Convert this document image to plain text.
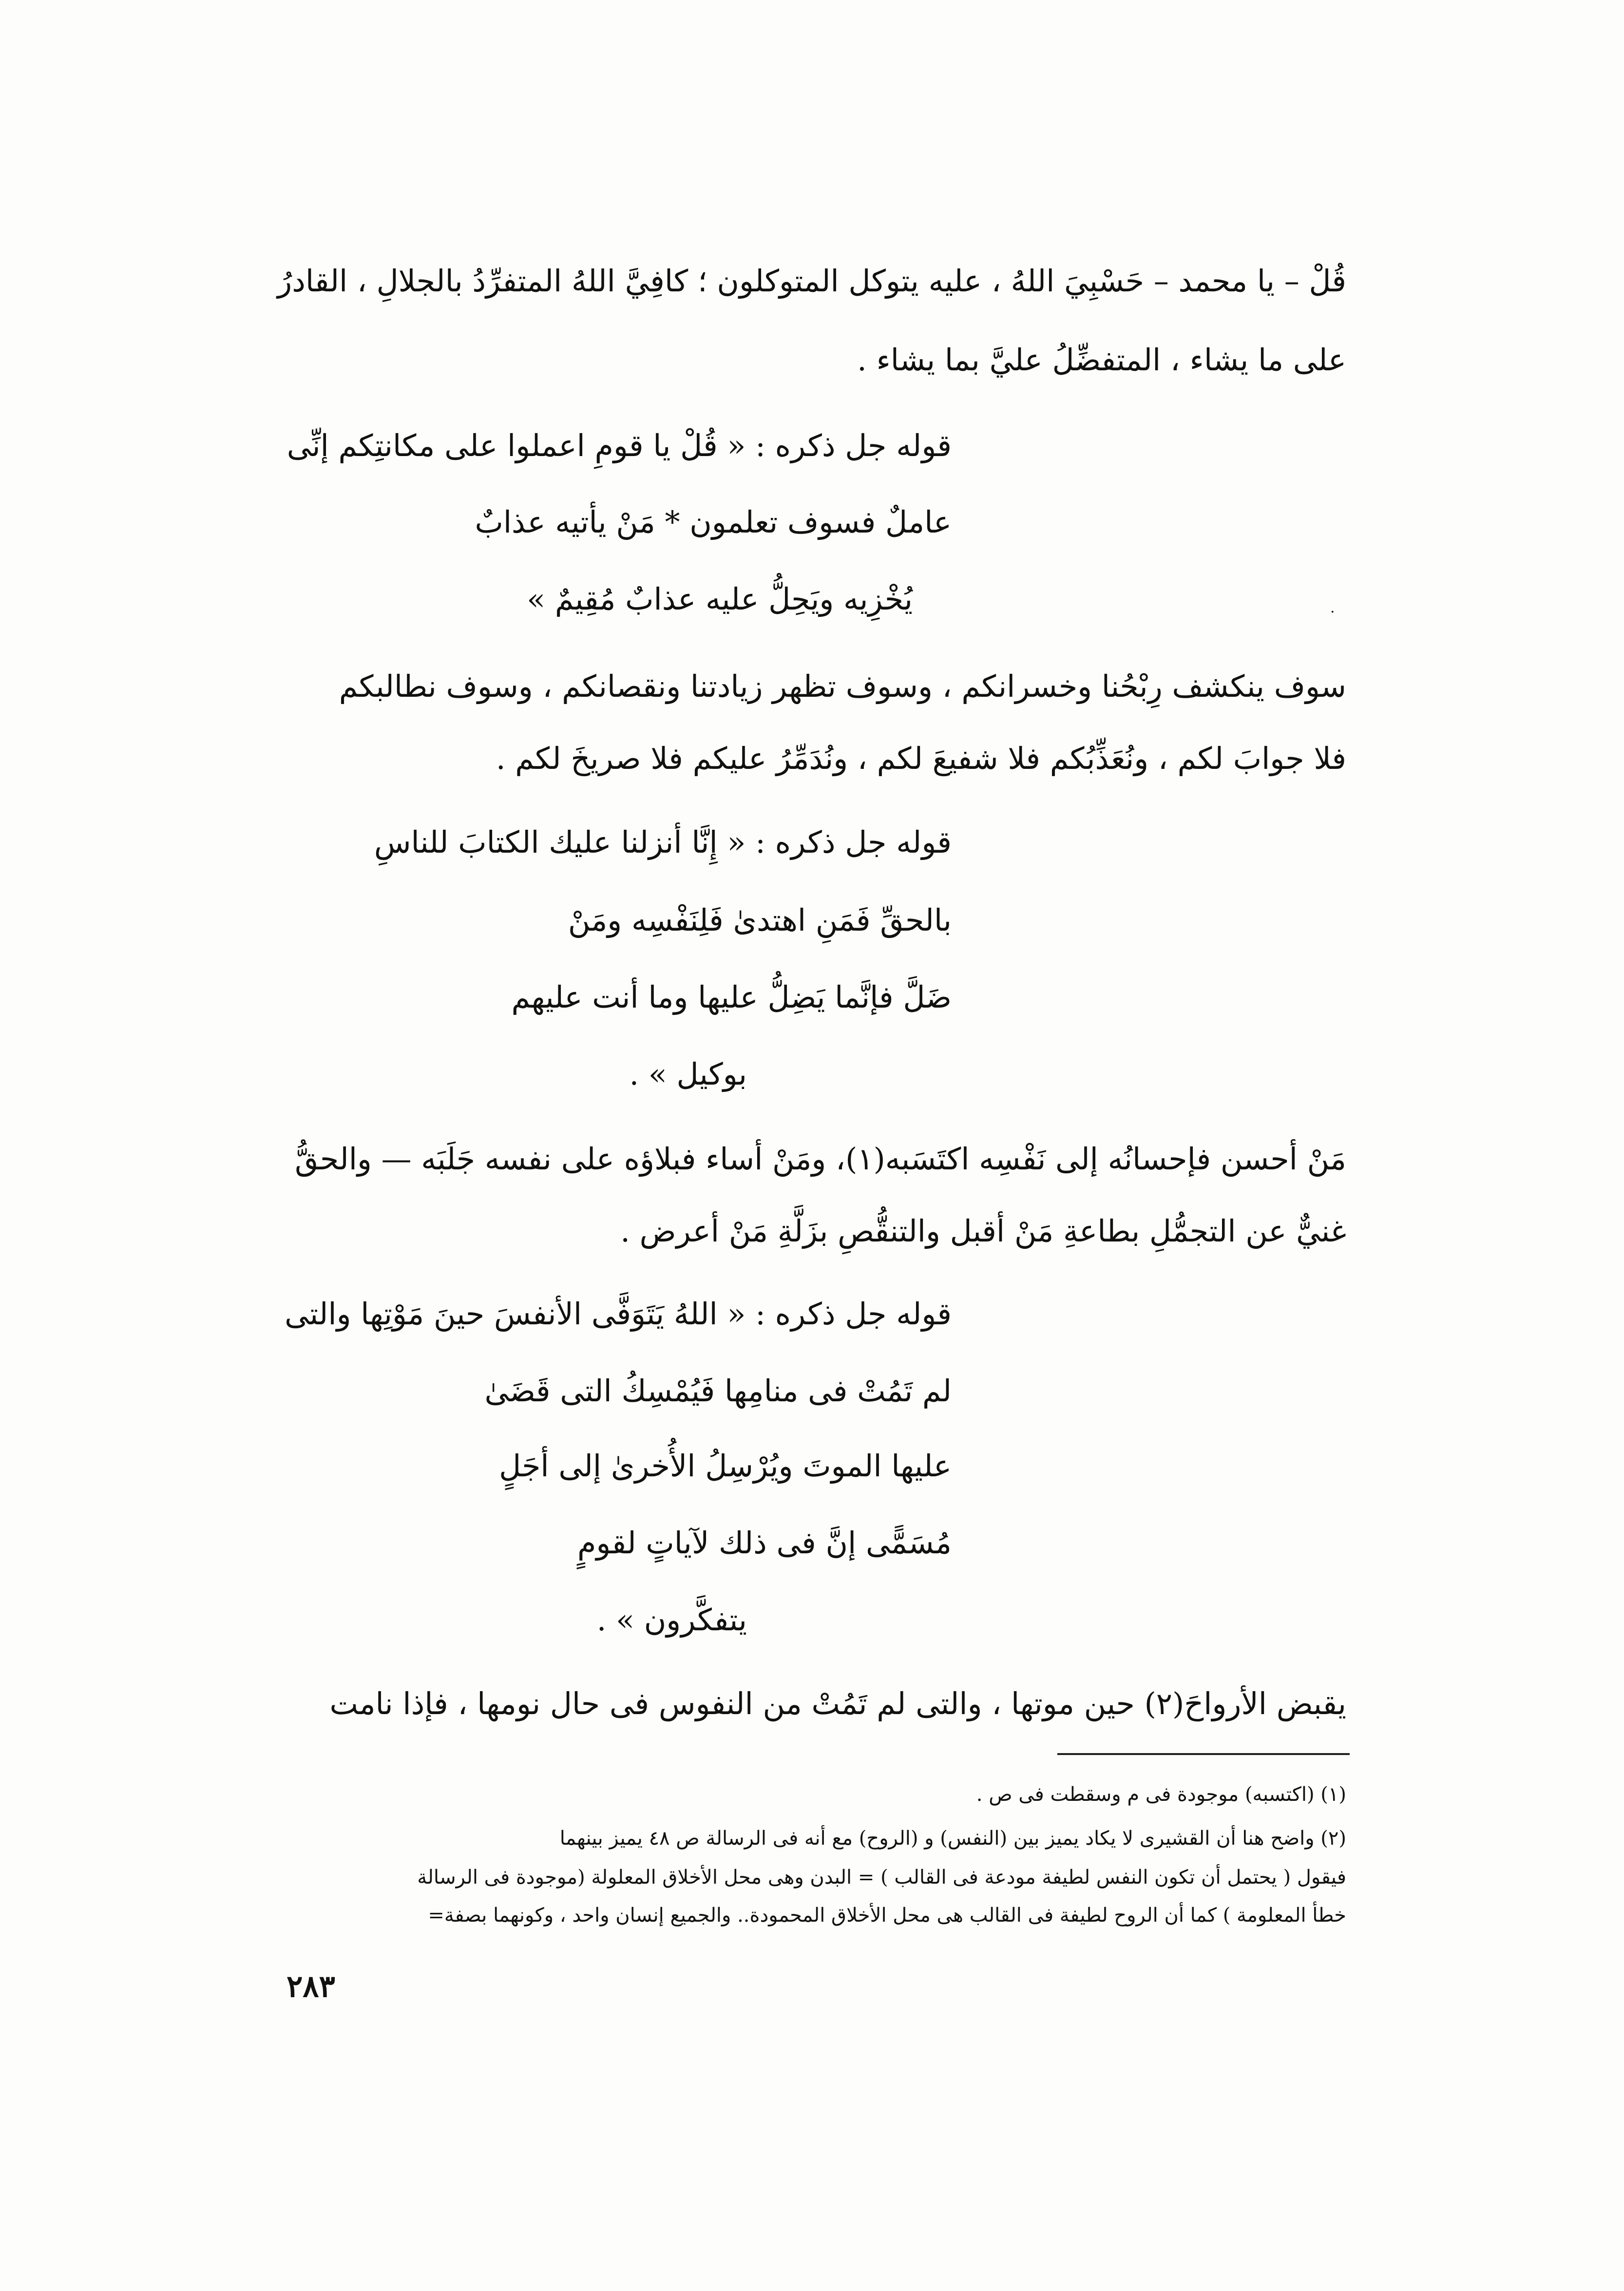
قُلْ – يا محمد – حَسْبِيَ اللهُ ، عليه يتوكل المتوكلون ؛ كافِيَّ اللهُ المتفرِّدُ بالجلالِ ، القادرُ
على ما يشاء ، المتفضِّلُ عليَّ بما يشاء .
قوله جل ذكره : « قُلْ يا قومِ اعملوا على مكانتِكم إنِّى
عاملٌ فسوف تعلمون * مَنْ يأتيه عذابٌ
يُخْزِيه ويَحِلُّ عليه عذابٌ مُقِيمٌ »	.
سوف ينكشف رِبْحُنا وخسرانكم ، وسوف تظهر زيادتنا ونقصانكم ، وسوف نطالبكم
فلا جوابَ لكم ، ونُعَذِّبُكم فلا شفيعَ لكم ، ونُدَمِّرُ عليكم فلا صريخَ لكم .
قوله جل ذكره : « إِنَّا أنزلنا عليك الكتابَ للناسِ
بالحقِّ فَمَنِ اهتدىٰ فَلِنَفْسِه ومَنْ
ضَلَّ فإنَّما يَضِلُّ عليها وما أنت عليهم
بوكيل » .
مَنْ أحسن فإحسانُه إلى نَفْسِه اكتَسَبه(١)، ومَنْ أساء فبلاؤه على نفسه جَلَبَه — والحقُّ
غنيٌّ عن التجمُّلِ بطاعةِ مَنْ أقبل والتنقُّصِ بزَلَّةِ مَنْ أعرض .
قوله جل ذكره : « اللهُ يَتَوَفَّى الأنفسَ حينَ مَوْتِها والتى
لم تَمُتْ فى منامِها فَيُمْسِكُ التى قَضَىٰ
عليها الموتَ ويُرْسِلُ الأُخرىٰ إلى أجَلٍ
مُسَمًّى إنَّ فى ذلك لآياتٍ لقومٍ
يتفكَّرون » .
يقبض الأرواحَ(٢) حين موتها ، والتى لم تَمُتْ من النفوس فى حال نومها ، فإذا نامت
(١) (اكتسبه) موجودة فى م وسقطت فى ص .
(٢) واضح هنا أن القشيرى لا يكاد يميز بين (النفس) و (الروح) مع أنه فى الرسالة ص ٤٨ يميز بينهما
فيقول ( يحتمل أن تكون النفس لطيفة مودعة فى القالب ) = البدن وهى محل الأخلاق المعلولة (موجودة فى الرسالة
خطأ المعلومة ) كما أن الروح لطيفة فى القالب هى محل الأخلاق المحمودة.. والجميع إنسان واحد ، وكونهما بصفة=
٢٨٣
